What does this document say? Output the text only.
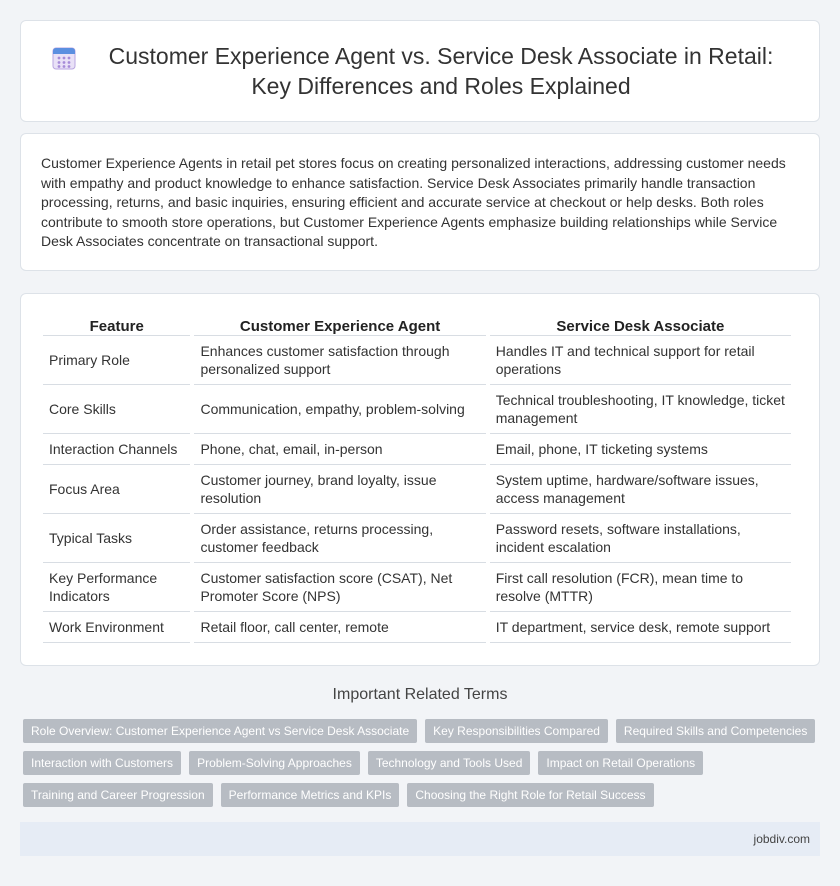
Customer Experience Agent vs. Service Desk Associate in Retail: Key Differences and Roles Explained

Customer Experience Agents in retail pet stores focus on creating personalized interactions, addressing customer needs with empathy and product knowledge to enhance satisfaction. Service Desk Associates primarily handle transaction processing, returns, and basic inquiries, ensuring efficient and accurate service at checkout or help desks. Both roles contribute to smooth store operations, but Customer Experience Agents emphasize building relationships while Service Desk Associates concentrate on transactional support.

Feature	Customer Experience Agent	Service Desk Associate
Primary Role	Enhances customer satisfaction through personalized support	Handles IT and technical support for retail operations
Core Skills	Communication, empathy, problem-solving	Technical troubleshooting, IT knowledge, ticket management
Interaction Channels	Phone, chat, email, in-person	Email, phone, IT ticketing systems
Focus Area	Customer journey, brand loyalty, issue resolution	System uptime, hardware/software issues, access management
Typical Tasks	Order assistance, returns processing, customer feedback	Password resets, software installations, incident escalation
Key Performance Indicators	Customer satisfaction score (CSAT), Net Promoter Score (NPS)	First call resolution (FCR), mean time to resolve (MTTR)
Work Environment	Retail floor, call center, remote	IT department, service desk, remote support
Important Related Terms
Role Overview: Customer Experience Agent vs Service Desk Associate	Key Responsibilities Compared	Required Skills and Competencies
Interaction with Customers	Problem-Solving Approaches	Technology and Tools Used	Impact on Retail Operations
Training and Career Progression	Performance Metrics and KPIs	Choosing the Right Role for Retail Success
jobdiv.com
